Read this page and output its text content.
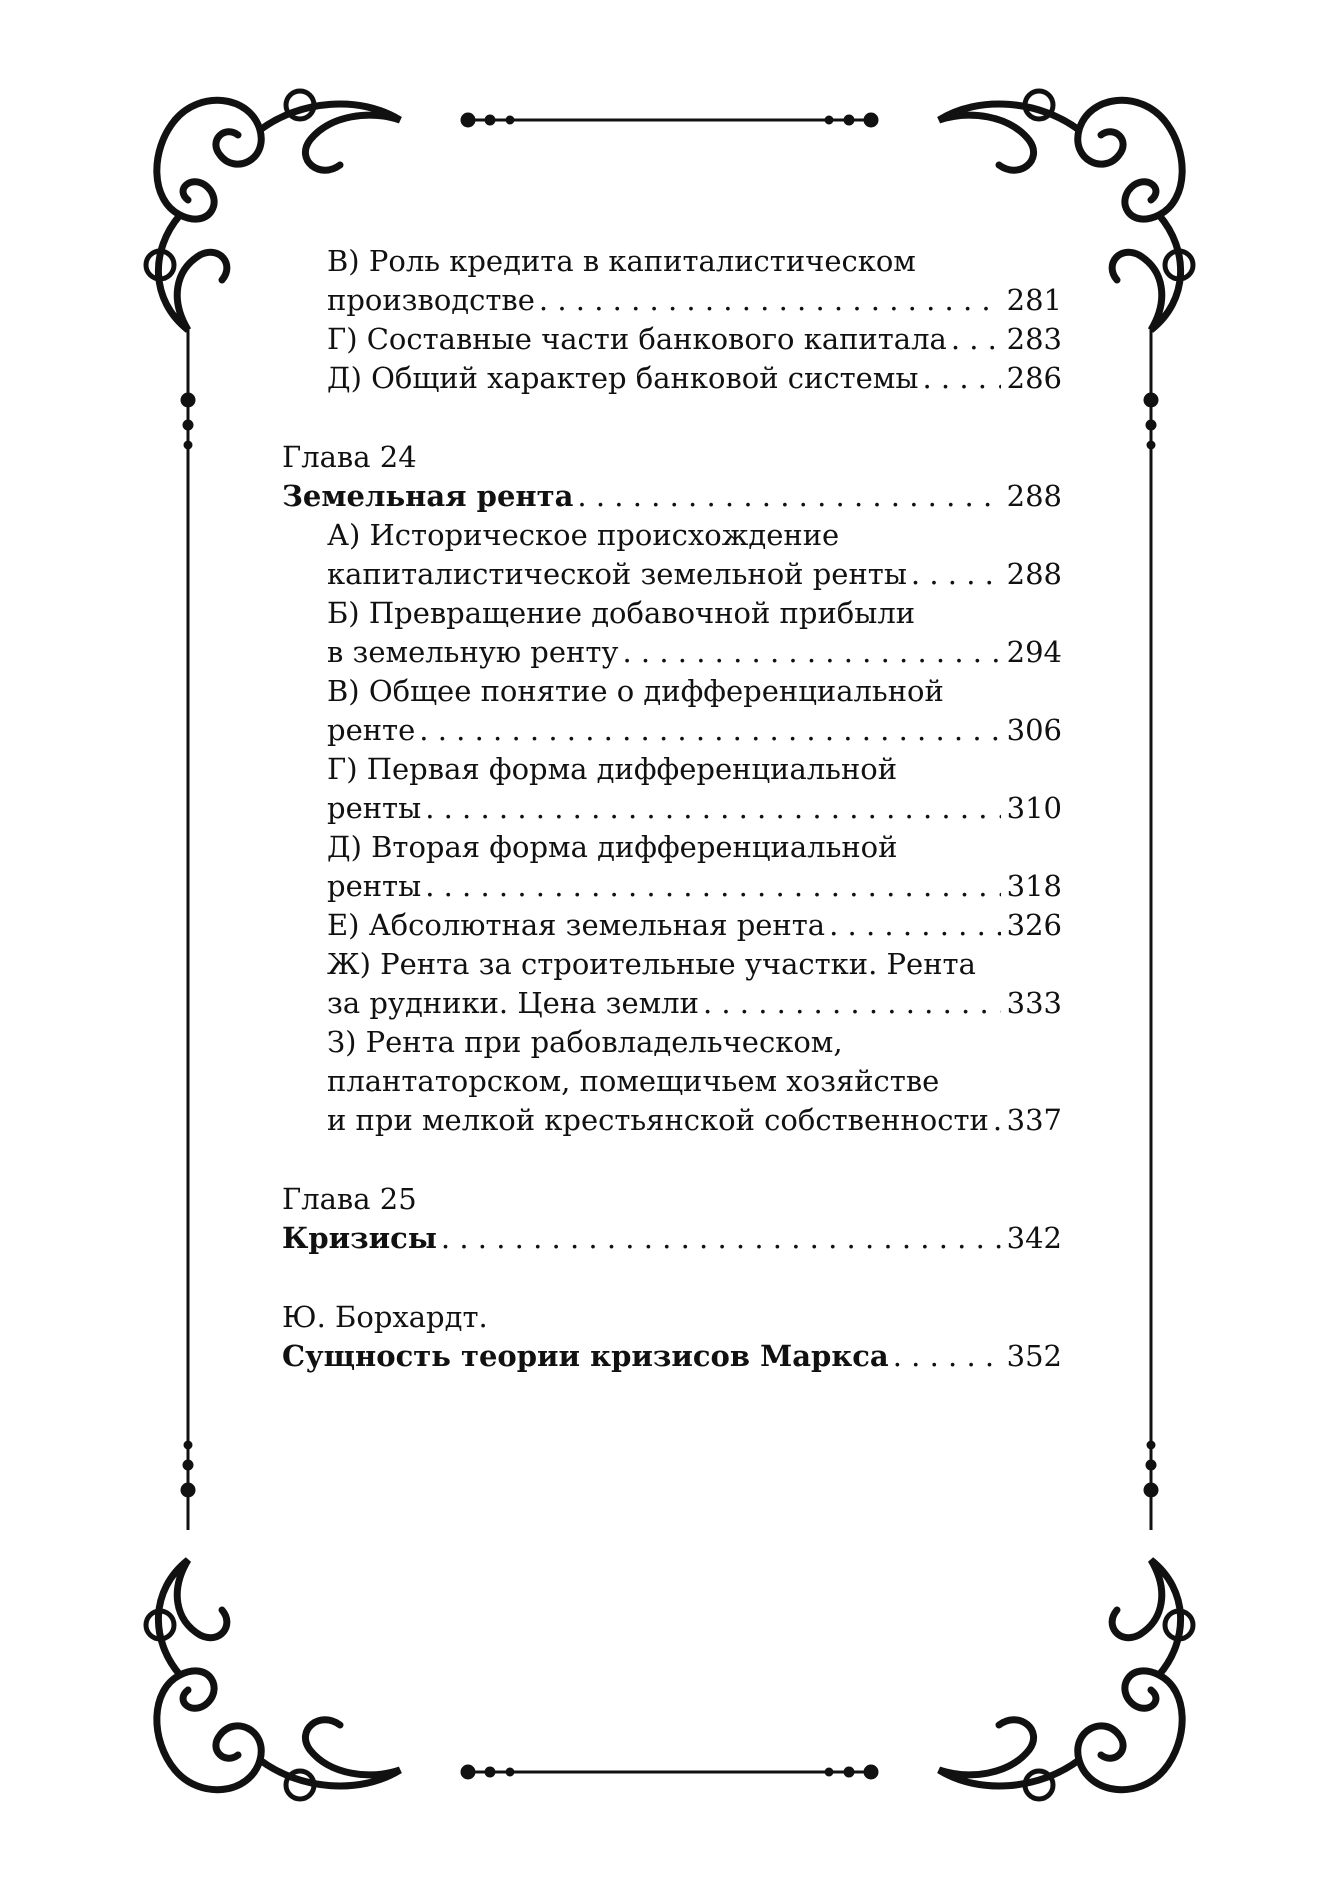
В) Роль кредита в капиталистическом
производстве . . .	281
Г) Составные части банкового капитала . . . 283
Д) Общий характер банковой системы . . .	286
Глава 24
Земельная рента . . .	288
А) Историческое происхождение
капиталистической земельной ренты . . .	288
Б) Превращение добавочной прибыли
в земельную ренту . . .	294
В) Общее понятие о дифференциальной
ренте . . .	306
Г) Первая форма дифференциальной
ренты . . .	310
Д) Вторая форма дифференциальной
ренты . . .	318
Е) Абсолютная земельная рента . . .	326
Ж) Рента за строительные участки. Рента
за рудники. Цена земли . . .	333
З) Рента при рабовладельческом,
плантаторском, помещичьем хозяйстве
и при мелкой крестьянской собственности . . . 337
Глава 25
Кризисы . . .	342
Ю. Борхардт.
Сущность теории кризисов Маркса . . .	352
